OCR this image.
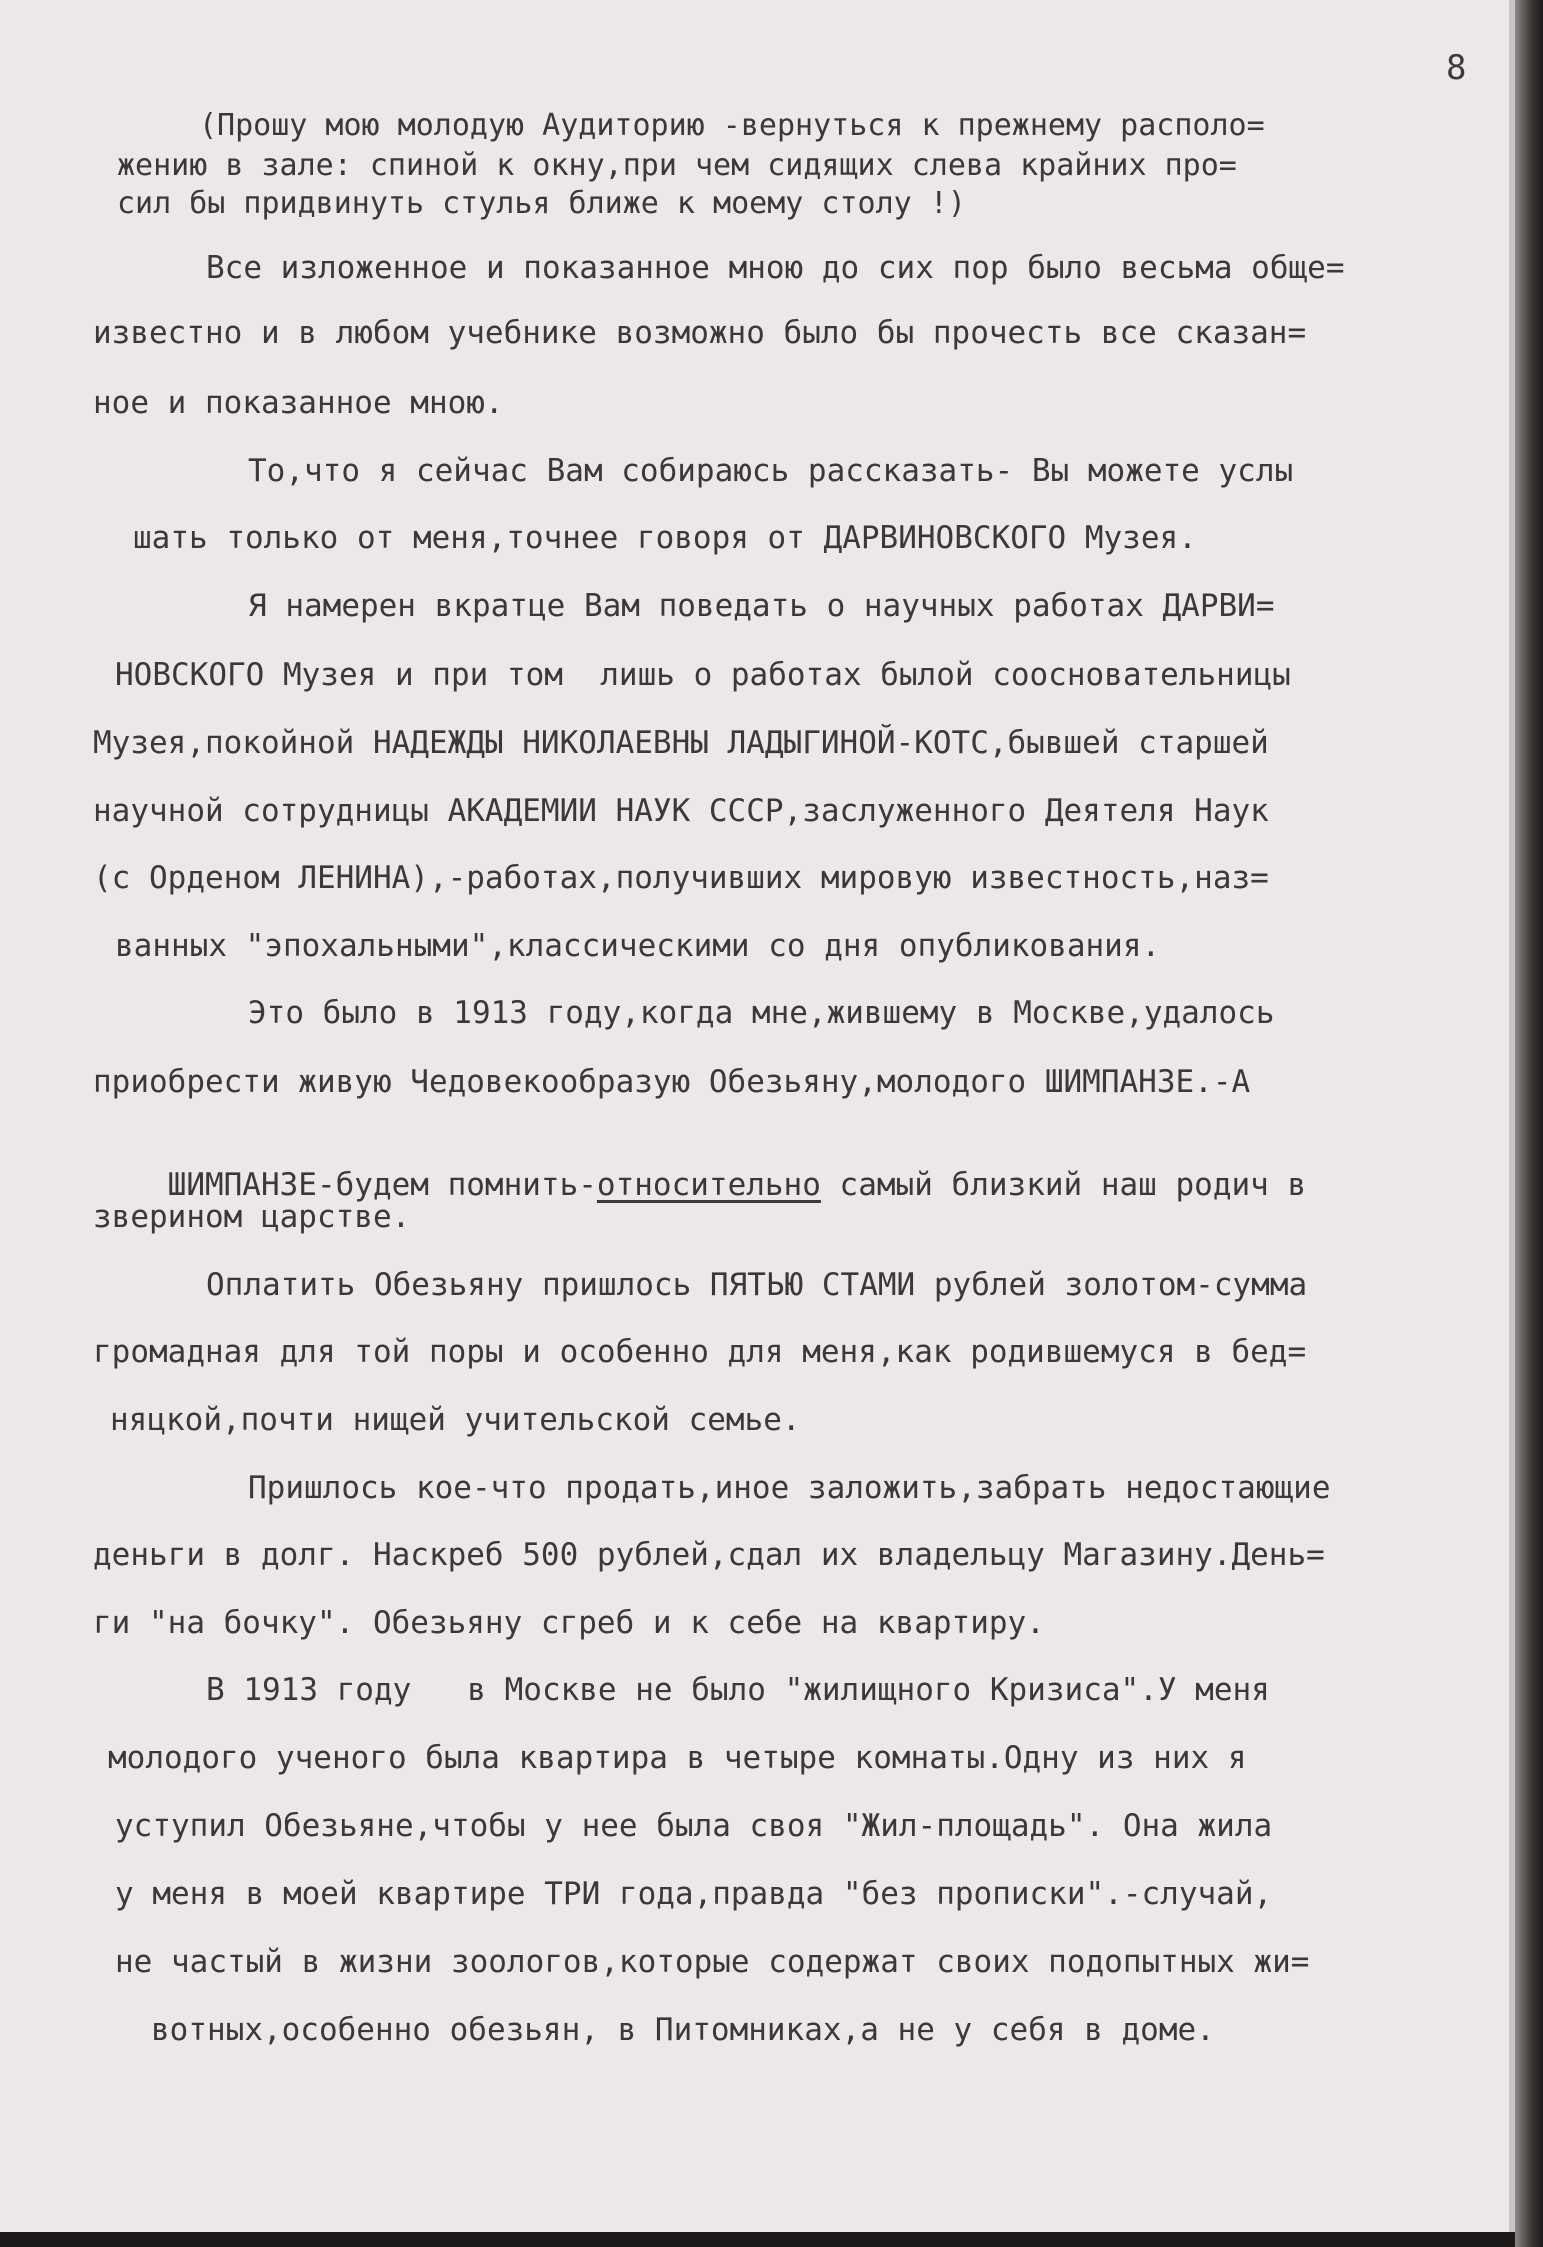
8
(Прошу мою молодую Аудиторию -вернуться к прежнему располо=
жению в зале: спиной к окну,при чем сидящих слева крайних про=
сил бы придвинуть стулья ближе к моему столу !)
Все изложенное и показанное мною до сих пор было весьма обще=
известно и в любом учебнике возможно было бы прочесть все сказан=
ное и показанное мною.
То,что я сейчас Вам собираюсь рассказать- Вы можете услы
шать только от меня,точнее говоря от ДАРВИНОВСКОГО Музея.
Я намерен вкратце Вам поведать о научных работах ДАРВИ=
НОВСКОГО Музея и при том  лишь о работах былой соосновательницы
Музея,покойной НАДЕЖДЫ НИКОЛАЕВНЫ ЛАДЫГИНОЙ-КОТС,бывшей старшей
научной сотрудницы АКАДЕМИИ НАУК СССР,заслуженного Деятеля Наук
(с Орденом ЛЕНИНА),-работах,получивших мировую известность,наз=
ванных "эпохальными",классическими со дня опубликования.
Это было в 1913 году,когда мне,жившему в Москве,удалось
приобрести живую Чедовекообразую Обезьяну,молодого ШИМПАНЗЕ.-А

ШИМПАНЗЕ-будем помнить-относительно самый близкий наш родич в

зверином царстве.
Оплатить Обезьяну пришлось ПЯТЬЮ СТАМИ рублей золотом-сумма
громадная для той поры и особенно для меня,как родившемуся в бед=
няцкой,почти нищей учительской семье.
Пришлось кое-что продать,иное заложить,забрать недостающие
деньги в долг. Наскреб 500 рублей,сдал их владельцу Магазину.День=
ги "на бочку". Обезьяну сгреб и к себе на квартиру.
В 1913 году   в Москве не было "жилищного Кризиса".У меня
молодого ученого была квартира в четыре комнаты.Одну из них я
уступил Обезьяне,чтобы у нее была своя "Жил-площадь". Она жила
у меня в моей квартире ТРИ года,правда "без прописки".-случай,
не частый в жизни зоологов,которые содержат своих подопытных жи=
вотных,особенно обезьян, в Питомниках,а не у себя в доме.
